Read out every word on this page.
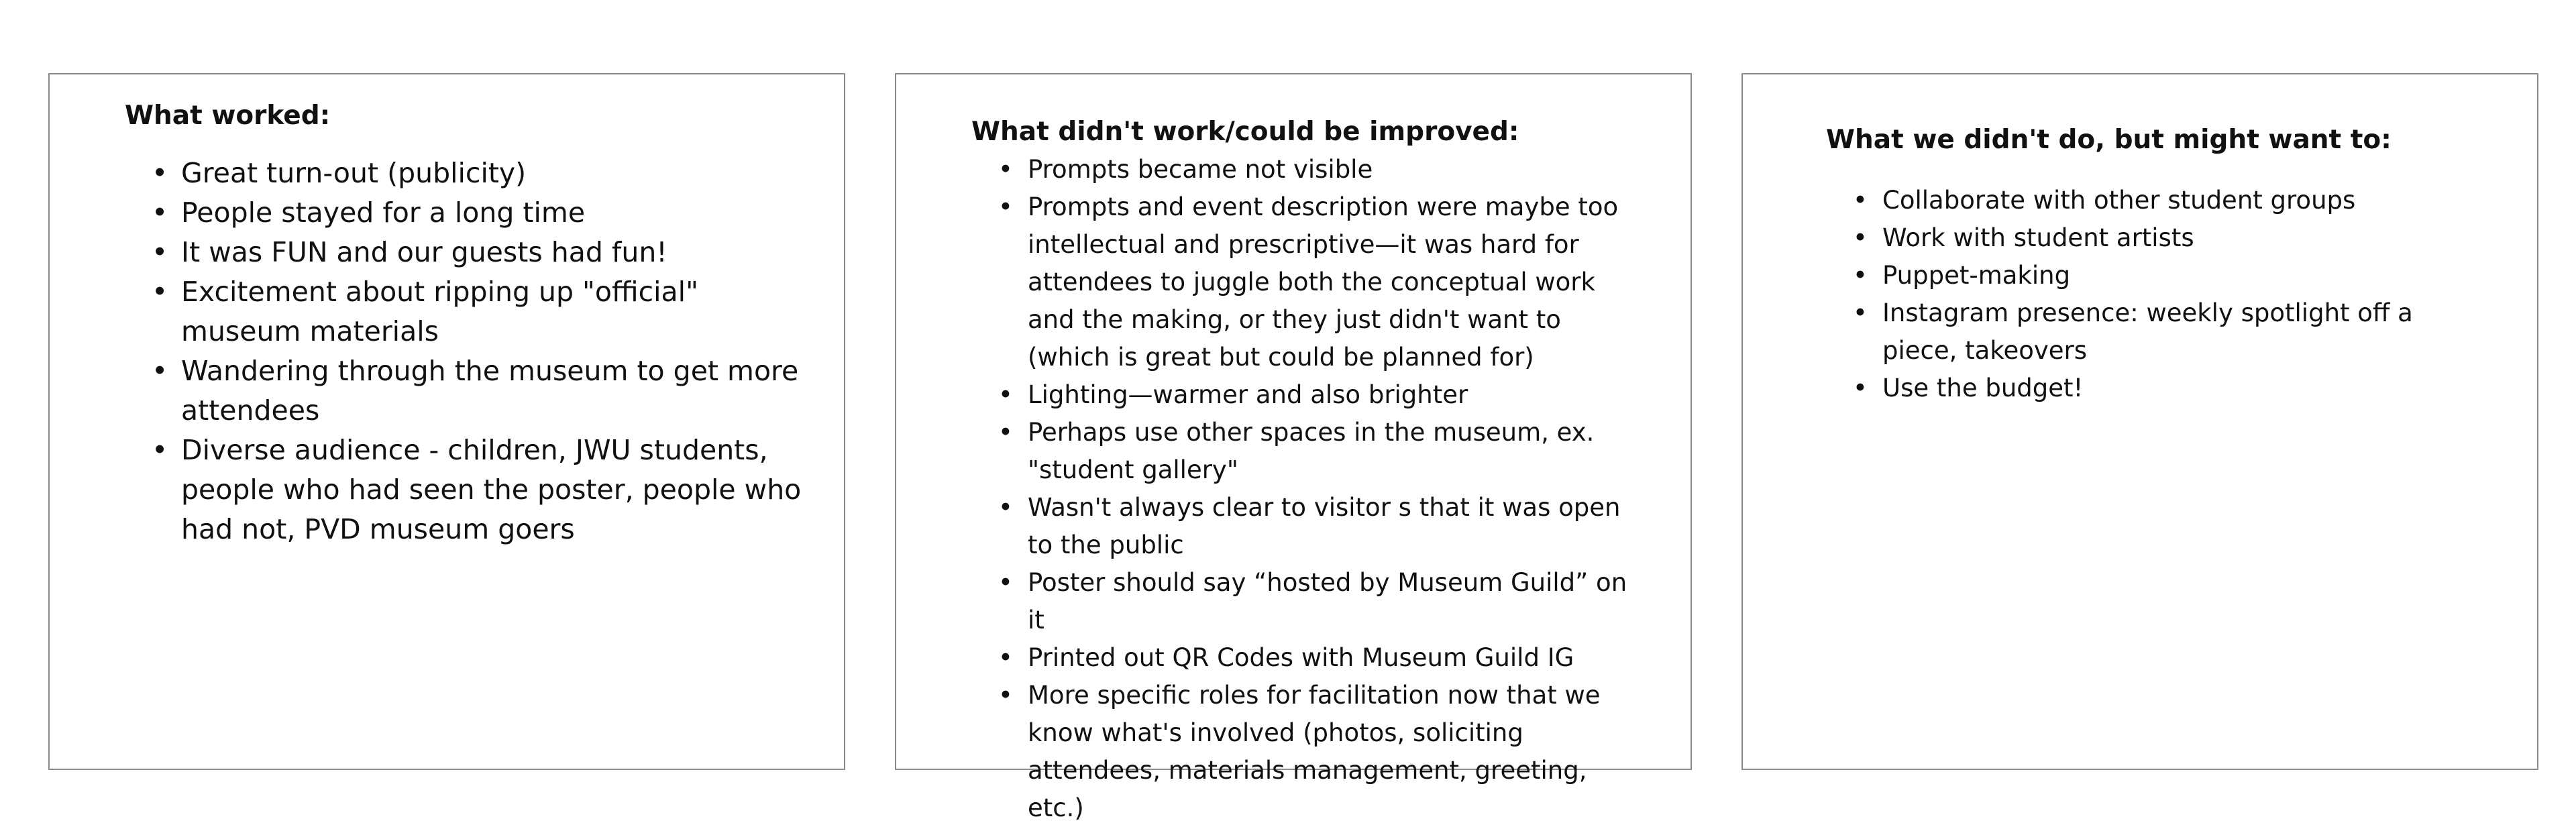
What worked:

• Great turn-out (publicity)
• People stayed for a long time
• It was FUN and our guests had fun!
• Excitement about ripping up "official" museum materials
• Wandering through the museum to get more attendees
• Diverse audience - children, JWU students, people who had seen the poster, people who had not, PVD museum goers

What didn't work/could be improved:

• Prompts became not visible
• Prompts and event description were maybe too intellectual and prescriptive—it was hard for attendees to juggle both the conceptual work and the making, or they just didn't want to (which is great but could be planned for)
• Lighting—warmer and also brighter
• Perhaps use other spaces in the museum, ex. "student gallery"
• Wasn't always clear to visitor s that it was open to the public
• Poster should say “hosted by Museum Guild” on it
• Printed out QR Codes with Museum Guild IG
• More specific roles for facilitation now that we know what's involved (photos, soliciting attendees, materials management, greeting, etc.)

What we didn't do, but might want to:

• Collaborate with other student groups
• Work with student artists
• Puppet-making
• Instagram presence: weekly spotlight off a piece, takeovers
• Use the budget!
